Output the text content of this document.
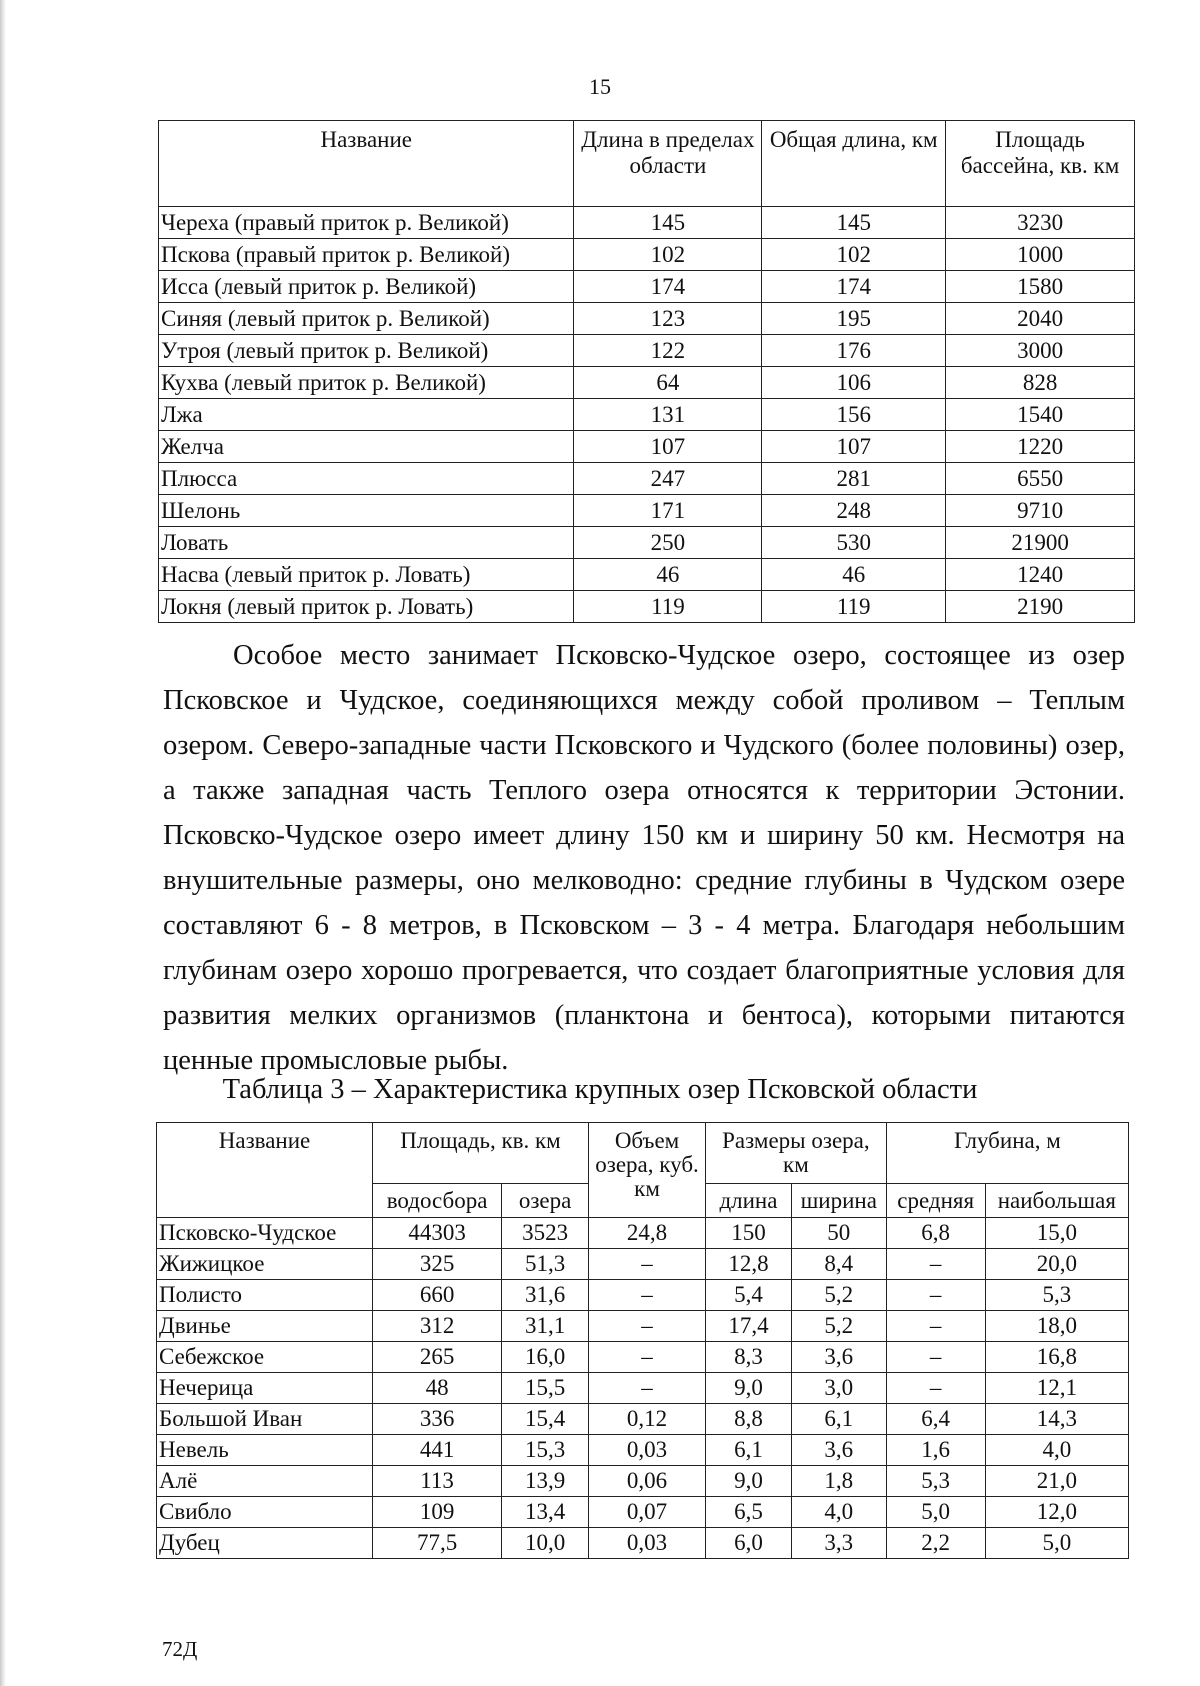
15
Название	Длина в пределах области	Общая длина, км	Площадь бассейна, кв. км
Череха (правый приток р. Великой)	145	145	3230
Пскова (правый приток р. Великой)	102	102	1000
Исса (левый приток р. Великой)	174	174	1580
Синяя (левый приток р. Великой)	123	195	2040
Утроя (левый приток р. Великой)	122	176	3000
Кухва (левый приток р. Великой)	64	106	828
Лжа	131	156	1540
Желча	107	107	1220
Плюсса	247	281	6550
Шелонь	171	248	9710
Ловать	250	530	21900
Насва (левый приток р. Ловать)	46	46	1240
Локня (левый приток р. Ловать)	119	119	2190

Особое место занимает Псковско-Чудское озеро, состоящее из озер Псковское и Чудское, соединяющихся между собой проливом – Теплым озером. Северо-западные части Псковского и Чудского (более половины) озер, а также западная часть Теплого озера относятся к территории Эстонии. Псковско-Чудское озеро имеет длину 150 км и ширину 50 км. Несмотря на внушительные размеры, оно мелководно: средние глубины в Чудском озере составляют 6 - 8 метров, в Псковском – 3 - 4 метра. Благодаря небольшим глубинам озеро хорошо прогревается, что создает благоприятные условия для развития мелких организмов (планктона и бентоса), которыми питаются ценные промысловые рыбы.

Таблица 3 – Характеристика крупных озер Псковской области
Название	Площадь, кв. км		Объем озера, куб. км	Размеры озера, км		Глубина, м	
	водосбора	озера		длина	ширина	средняя	наибольшая
Псковско-Чудское	44303	3523	24,8	150	50	6,8	15,0
Жижицкое	325	51,3	–	12,8	8,4	–	20,0
Полисто	660	31,6	–	5,4	5,2	–	5,3
Двинье	312	31,1	–	17,4	5,2	–	18,0
Себежское	265	16,0	–	8,3	3,6	–	16,8
Нечерица	48	15,5	–	9,0	3,0	–	12,1
Большой Иван	336	15,4	0,12	8,8	6,1	6,4	14,3
Невель	441	15,3	0,03	6,1	3,6	1,6	4,0
Алё	113	13,9	0,06	9,0	1,8	5,3	21,0
Свибло	109	13,4	0,07	6,5	4,0	5,0	12,0
Дубец	77,5	10,0	0,03	6,0	3,3	2,2	5,0
72Д
